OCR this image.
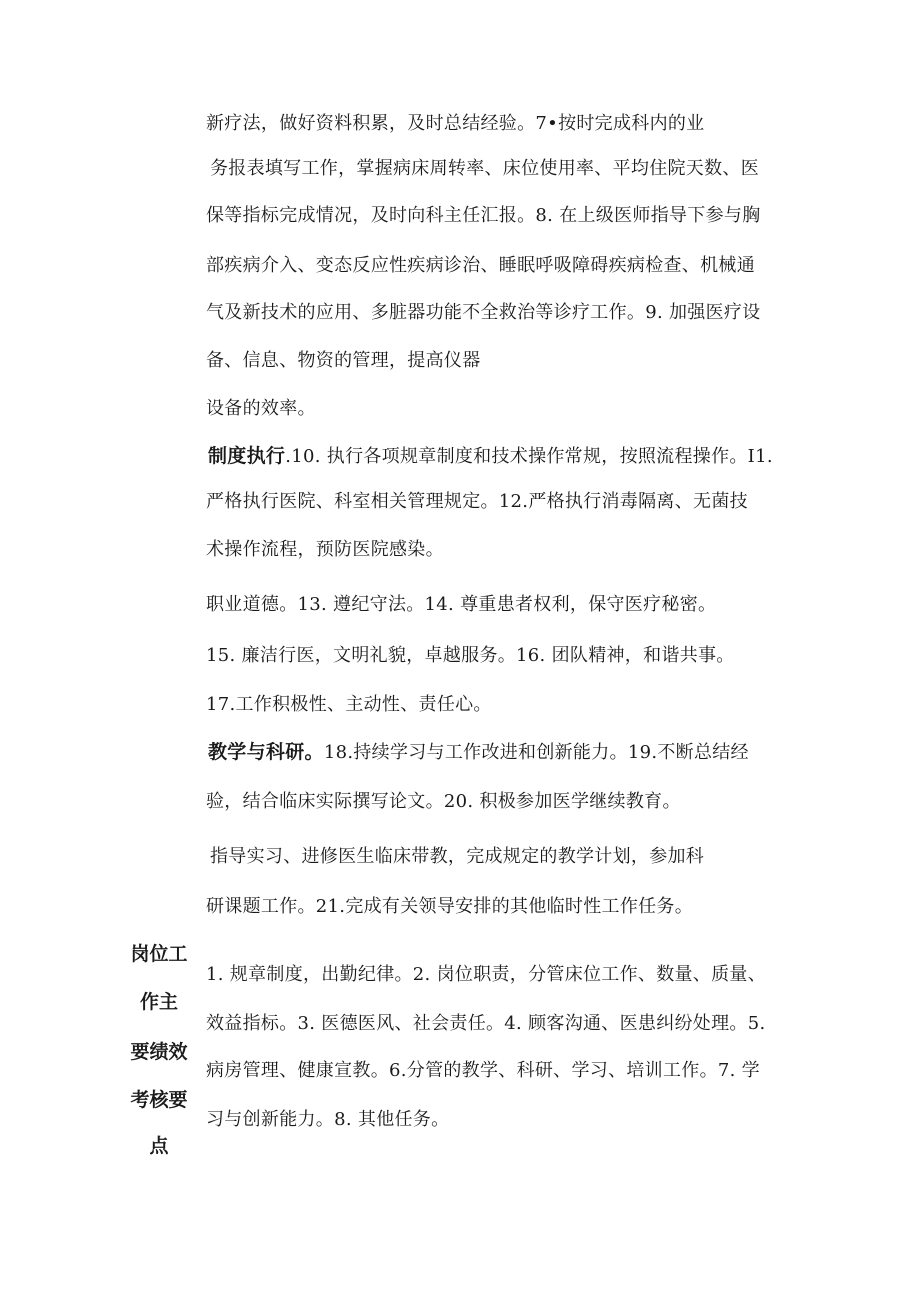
新疗法，做好资料积累，及时总结经验。7•按时完成科内的业
务报表填写工作，掌握病床周转率、床位使用率、平均住院天数、医
保等指标完成情况，及时向科主任汇报。8. 在上级医师指导下参与胸
部疾病介入、变态反应性疾病诊治、睡眠呼吸障碍疾病检查、机械通
气及新技术的应用、多脏器功能不全救治等诊疗工作。9. 加强医疗设
备、信息、物资的管理，提高仪器
设备的效率。
制度执行.10. 执行各项规章制度和技术操作常规，按照流程操作。I1.
严格执行医院、科室相关管理规定。12.严格执行消毒隔离、无菌技
术操作流程，预防医院感染。
职业道德。13. 遵纪守法。14. 尊重患者权利，保守医疗秘密。
15. 廉洁行医，文明礼貌，卓越服务。16. 团队精神，和谐共事。
17.工作积极性、主动性、责任心。
教学与科研。18.持续学习与工作改进和创新能力。19.不断总结经
验，结合临床实际撰写论文。20. 积极参加医学继续教育。
指导实习、进修医生临床带教，完成规定的教学计划，参加科
研课题工作。21.完成有关领导安排的其他临时性工作任务。
岗位工
作主
要绩效
考核要
点
1. 规章制度，出勤纪律。2. 岗位职责，分管床位工作、数量、质量、
效益指标。3. 医德医风、社会责任。4. 顾客沟通、医患纠纷处理。5.
病房管理、健康宣教。6.分管的教学、科研、学习、培训工作。7. 学
习与创新能力。8. 其他任务。
